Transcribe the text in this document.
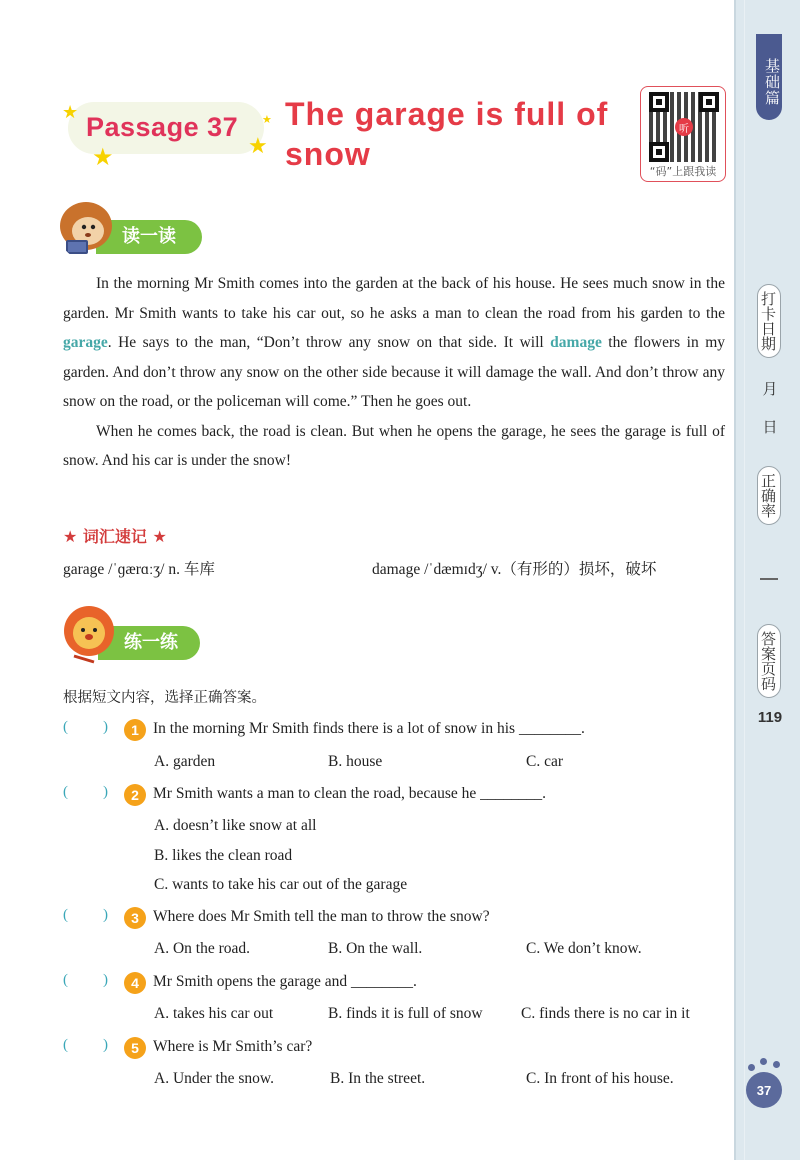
基础篇
打卡日期
月
日
正确率
答案页码
119
37
★
★	★
★
Passage 37 The garage is full of snow
听
“码”上跟我读
读一读

In the morning Mr Smith comes into the garden at the back of his house. He sees much snow in the garden. Mr Smith wants to take his car out, so he asks a man to clean the road from his garden to the garage. He says to the man, “Don’t throw any snow on that side. It will damage the flowers in my garden. And don’t throw any snow on the other side because it will damage the wall. And don’t throw any snow on the road, or the policeman will come.” Then he goes out.

When he comes back, the road is clean. But when he opens the garage, he sees the garage is full of snow. And his car is under the snow!

★ 词汇速记 ★
garage /ˈɡærɑːʒ/ n. 车库	damage /ˈdæmɪdʒ/ v.（有形的）损坏，破坏
练一练
根据短文内容，选择正确答案。
( )	1 In the morning Mr Smith finds there is a lot of snow in his ________.
A. garden	B. house	C. car
( )	2 Mr Smith wants a man to clean the road, because he ________.
A. doesn’t like snow at all
B. likes the clean road
C. wants to take his car out of the garage
( )	3 Where does Mr Smith tell the man to throw the snow?
A. On the road.	B. On the wall.	C. We don’t know.
( )	4 Mr Smith opens the garage and ________.
A. takes his car out	B. finds it is full of snow C. finds there is no car in it
( )	5 Where is Mr Smith’s car?
A. Under the snow.	B. In the street.	C. In front of his house.
